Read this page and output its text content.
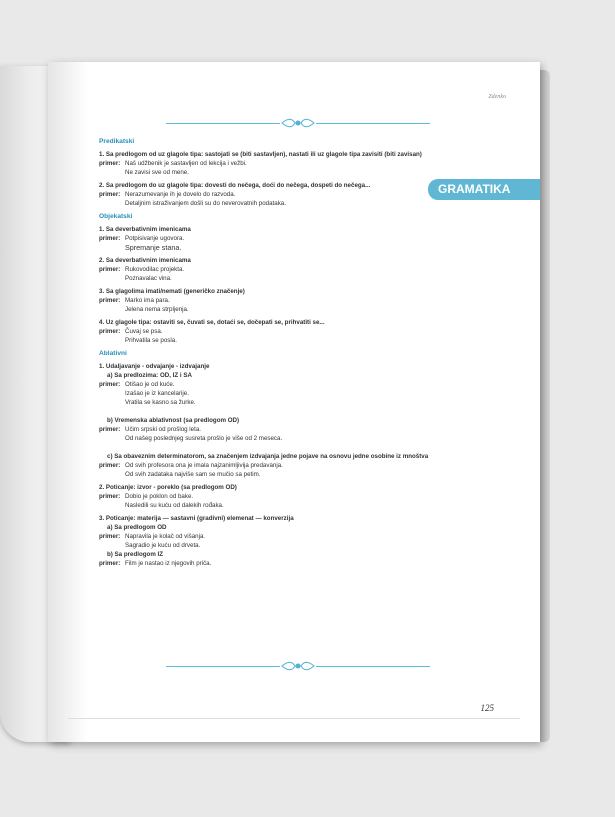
Zdenko
GRAMATIKA
Predikatski
1. Sa predlogom od uz glagole tipa: sastojati se (biti sastavljen), nastati ili uz glagole tipa zavisiti (biti zavisan)
primer: Naš udžbenik je sastavljen od lekcija i vežbi.
Ne zavisi sve od mene.
2. Sa predlogom do uz glagole tipa: dovesti do nečega, doći do nečega, dospeti do nečega...
primer: Nerazumevanje ih je dovelo do razvoda.
Detaljnim istraživanjem došli su do neverovatnih podataka.
Objekatski
1. Sa deverbativnim imenicama
primer: Potpisivanje ugovora.
Spremanje stana.
2. Sa deverbativnim imenicama
primer: Rukovodilac projekta.
Poznavalac vina.
3. Sa glagolima imati/nemati (generičko značenje)
primer: Marko ima para.
Jelena nema strpljenja.
4. Uz glagole tipa: ostaviti se, čuvati se, dotaći se, dočepati se, prihvatiti se...
primer: Čuvaj se psa.
Prihvatila se posla.
Ablativni
1. Udaljavanje - odvajanje - izdvajanje
a) Sa predlozima: OD, IZ i SA
primer: Otišao je od kuće.
Izašao je iz kancelarije.
Vratila se kasno sa žurke.
b) Vremenska ablativnost (sa predlogom OD)
primer: Učim srpski od prošlog leta.
Od našeg poslednjeg susreta prošlo je više od 2 meseca.
c) Sa obaveznim determinatorom, sa značenjem izdvajanja jedne pojave na osnovu jedne osobine iz mnoštva
primer: Od svih profesora ona je imala najzanimljivija predavanja.
Od svih zadataka najviše sam se mučio sa petim.
2. Poticanje: izvor - poreklo (sa predlogom OD)
primer: Dobio je poklon od bake.
Nasledili su kuću od dalekih rođaka.
3. Poticanje: materija — sastavni (gradivni) elemenat — konverzija
a) Sa predlogom OD
primer: Napravila je kolač od višanja.
Sagradio je kuću od drveta.
b) Sa predlogom IZ
primer: Film je nastao iz njegovih priča.
125
